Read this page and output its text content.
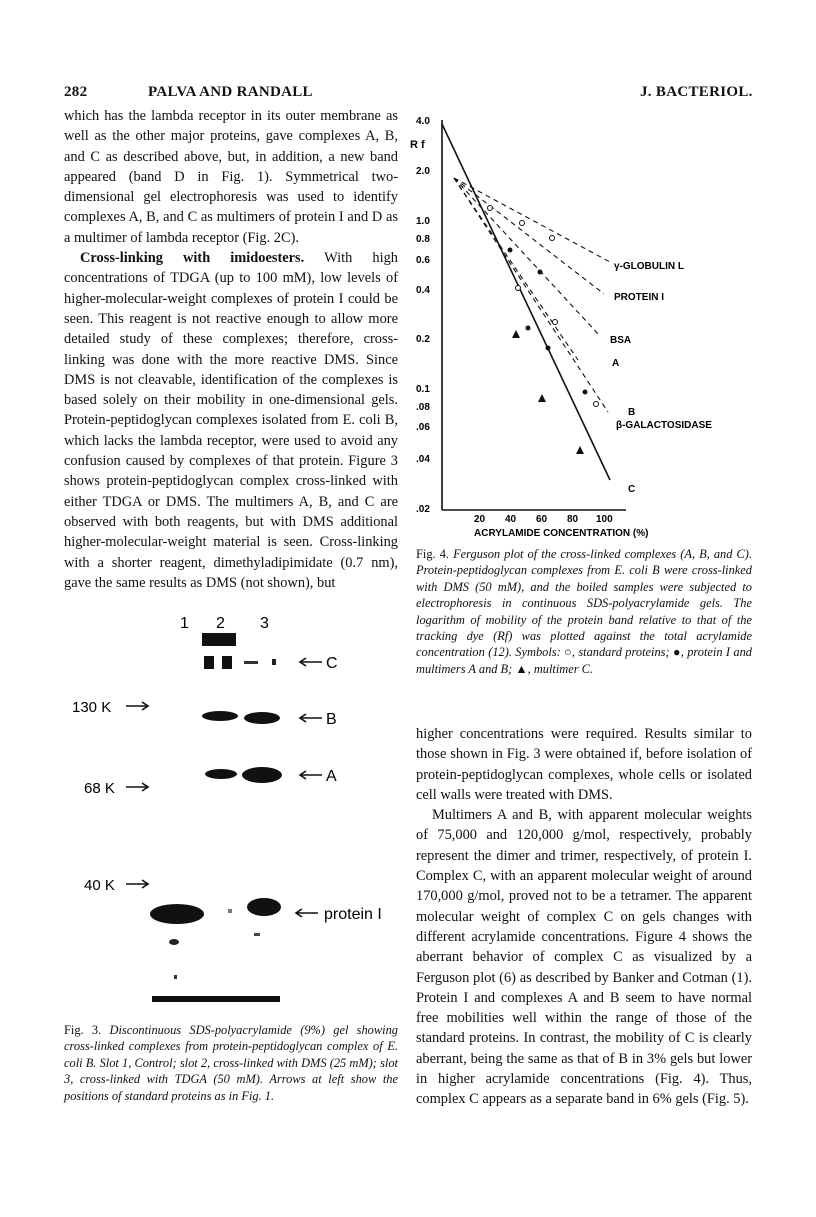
282	PALVA AND RANDALL	J. BACTERIOL.

which has the lambda receptor in its outer membrane as well as the other major proteins, gave complexes A, B, and C as described above, but, in addition, a new band appeared (band D in Fig. 1). Symmetrical two-dimensional gel electrophoresis was used to identify complexes A, B, and C as multimers of protein I and D as a multimer of lambda receptor (Fig. 2C).

Cross-linking with imidoesters. With high concentrations of TDGA (up to 100 mM), low levels of higher-molecular-weight complexes of protein I could be seen. This reagent is not reactive enough to allow more detailed study of these complexes; therefore, cross-linking was done with the more reactive DMS. Since DMS is not cleavable, identification of the complexes is based solely on their mobility in one-dimensional gels. Protein-peptidoglycan complexes isolated from E. coli B, which lacks the lambda receptor, were used to avoid any confusion caused by complexes of that protein. Figure 3 shows protein-peptidoglycan complex cross-linked with either TDGA or DMS. The multimers A, B, and C are observed with both reagents, but with DMS additional higher-molecular-weight material is seen. Cross-linking with a shorter reagent, dimethyladipimidate (0.7 nm), gave the same results as DMS (not shown), but

1 2 3
130 K
68 K
40 K
C
B
A
protein I
Fig. 3. Discontinuous SDS-polyacrylamide (9%) gel showing cross-linked complexes from protein-peptidoglycan complex of E. coli B. Slot 1, Control; slot 2, cross-linked with DMS (25 mM); slot 3, cross-linked with TDGA (50 mM). Arrows at left show the positions of standard proteins as in Fig. 1.
R f
4.0
2.0
1.0
0.8
0.6
0.4
0.2
0.1
.08
.06
.04
.02
20 40 60 80 100
ACRYLAMIDE CONCENTRATION (%)
γ-GLOBULIN L
PROTEIN I
BSA
A
B
β-GALACTOSIDASE
C
Fig. 4. Ferguson plot of the cross-linked complexes (A, B, and C). Protein-peptidoglycan complexes from E. coli B were cross-linked with DMS (50 mM), and the boiled samples were subjected to electrophoresis in continuous SDS-polyacrylamide gels. The logarithm of mobility of the protein band relative to that of the tracking dye (Rf) was plotted against the total acrylamide concentration (12). Symbols: ○, standard proteins; ●, protein I and multimers A and B; ▲, multimer C.

higher concentrations were required. Results similar to those shown in Fig. 3 were obtained if, before isolation of protein-peptidoglycan complexes, whole cells or isolated cell walls were treated with DMS.

Multimers A and B, with apparent molecular weights of 75,000 and 120,000 g/mol, respectively, probably represent the dimer and trimer, respectively, of protein I. Complex C, with an apparent molecular weight of around 170,000 g/mol, proved not to be a tetramer. The apparent molecular weight of complex C on gels changes with different acrylamide concentrations. Figure 4 shows the aberrant behavior of complex C as visualized by a Ferguson plot (6) as described by Banker and Cotman (1). Protein I and complexes A and B seem to have normal free mobilities well within the range of those of the standard proteins. In contrast, the mobility of C is clearly aberrant, being the same as that of B in 3% gels but lower in higher acrylamide concentrations (Fig. 4). Thus, complex C appears as a separate band in 6% gels (Fig. 5).
